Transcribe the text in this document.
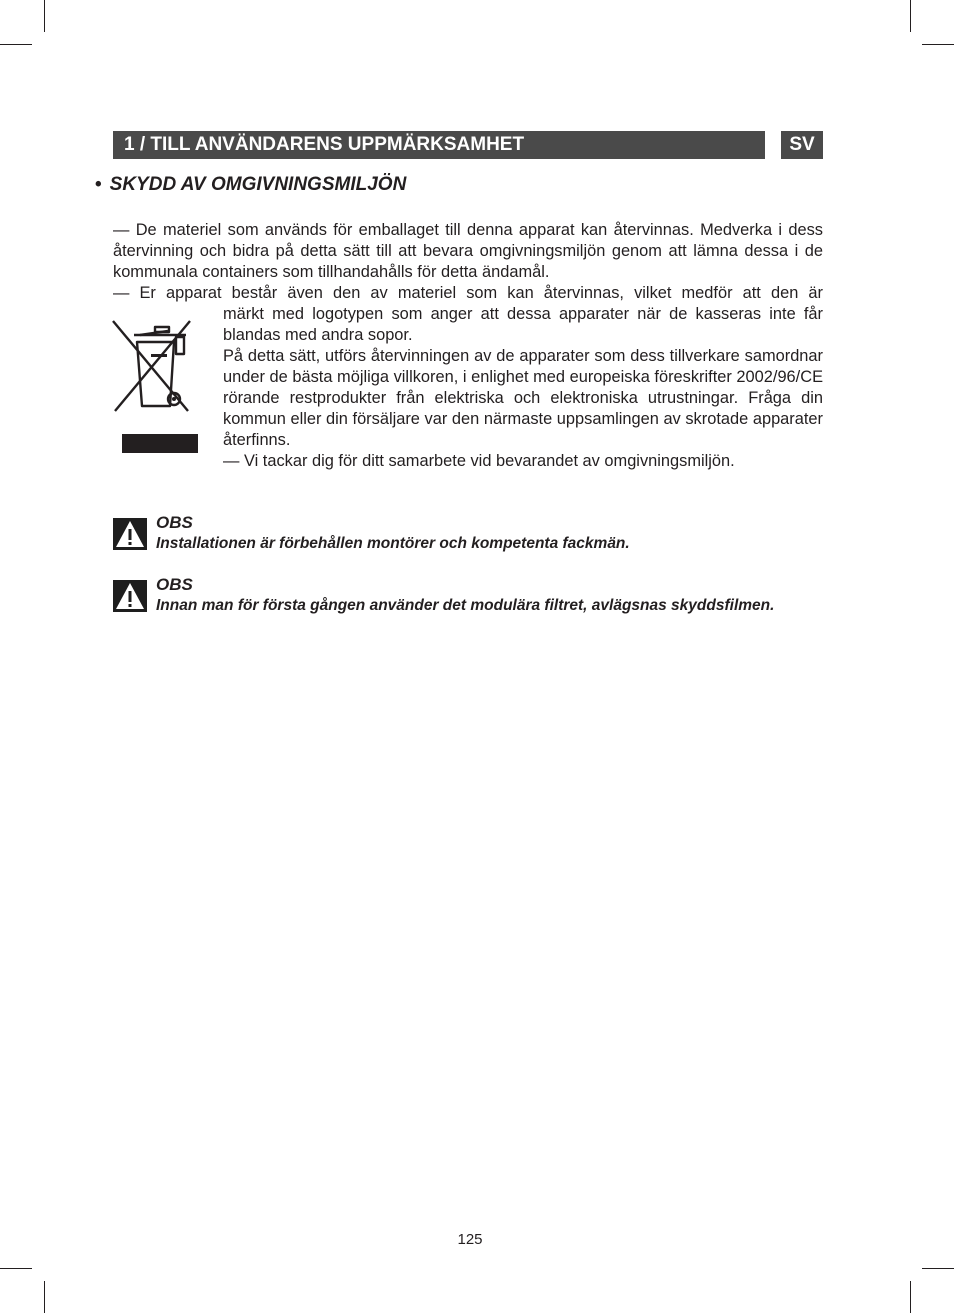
1 / TILL ANVÄNDARENS UPPMÄRKSAMHET	SV
• SKYDD AV OMGIVNINGSMILJÖN
— De materiel som används för emballaget till denna apparat kan återvinnas. Medverka i dess återvinning och bidra på detta sätt till att bevara omgivningsmiljön genom att lämna dessa i de kommunala containers som tillhandahålls för detta ändamål.
— Er apparat består även den av materiel som kan återvinnas, vilket medför att den är
märkt med logotypen som anger att dessa apparater när de kasseras inte får blandas med andra sopor.
På detta sätt, utförs återvinningen av de apparater som dess tillverkare samordnar under de bästa möjliga villkoren, i enlighet med europeiska föreskrifter 2002/96/CE rörande restprodukter från elektriska och elektroniska utrustningar. Fråga din kommun eller din försäljare var den närmaste uppsamlingen av skrotade apparater återfinns.
— Vi tackar dig för ditt samarbete vid bevarandet av omgivningsmiljön.
OBS
Installationen är förbehållen montörer och kompetenta fackmän.
OBS
Innan man för första gången använder det modulära filtret, avlägsnas skyddsfilmen.
125
